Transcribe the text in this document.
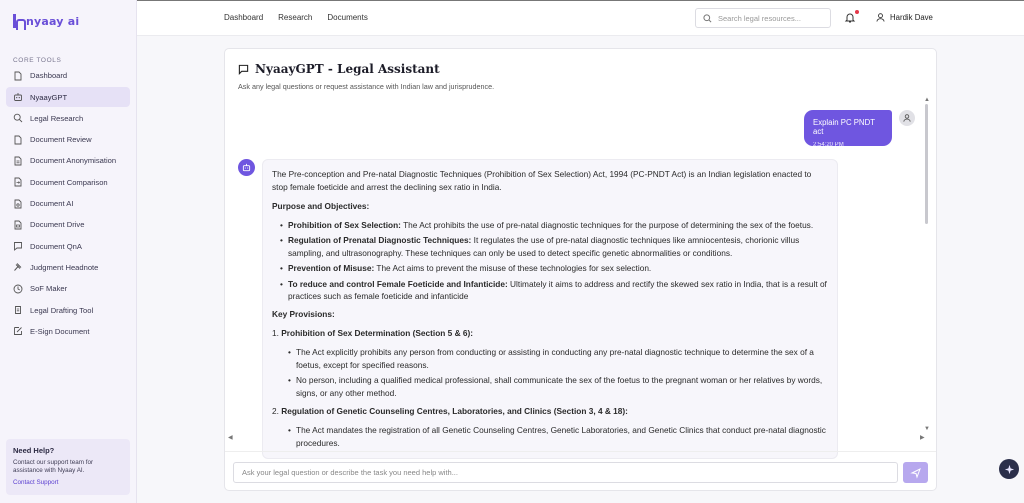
nyaay ai
CORE TOOLS
Dashboard
NyaayGPT
Legal Research
Document Review
Document Anonymisation
Document Comparison
Document AI
Document Drive
Document QnA
Judgment Headnote
SoF Maker
Legal Drafting Tool
E-Sign Document
Need Help?
Contact our support team for assistance with Nyaay AI.
Contact Support
Dashboard Research Documents
Search legal resources...	Hardik Dave
NyaayGPT - Legal Assistant
Ask any legal questions or request assistance with Indian law and jurisprudence.
Explain PC PNDT act
2:54:20 PM

The Pre-conception and Pre-natal Diagnostic Techniques (Prohibition of Sex Selection) Act, 1994 (PC-PNDT Act) is an Indian legislation enacted to stop female foeticide and arrest the declining sex ratio in India.

Purpose and Objectives:
• Prohibition of Sex Selection: The Act prohibits the use of pre-natal diagnostic techniques for the purpose of determining the sex of the foetus.
• Regulation of Prenatal Diagnostic Techniques: It regulates the use of pre-natal diagnostic techniques like amniocentesis, chorionic villus sampling, and ultrasonography. These techniques can only be used to detect specific genetic abnormalities or conditions.
• Prevention of Misuse: The Act aims to prevent the misuse of these technologies for sex selection.
• To reduce and control Female Foeticide and Infanticide: Ultimately it aims to address and rectify the skewed sex ratio in India, that is a result of practices such as female foeticide and infanticide
Key Provisions:
1. Prohibition of Sex Determination (Section 5 & 6):
• The Act explicitly prohibits any person from conducting or assisting in conducting any pre-natal diagnostic technique to determine the sex of a foetus, except for specified reasons.
• No person, including a qualified medical professional, shall communicate the sex of the foetus to the pregnant woman or her relatives by words, signs, or any other method.
2. Regulation of Genetic Counseling Centres, Laboratories, and Clinics (Section 3, 4 & 18):
• The Act mandates the registration of all Genetic Counseling Centres, Genetic Laboratories, and Genetic Clinics that conduct pre-natal diagnostic procedures.
▲
▼
◀	▶
Ask your legal question or describe the task you need help with...
